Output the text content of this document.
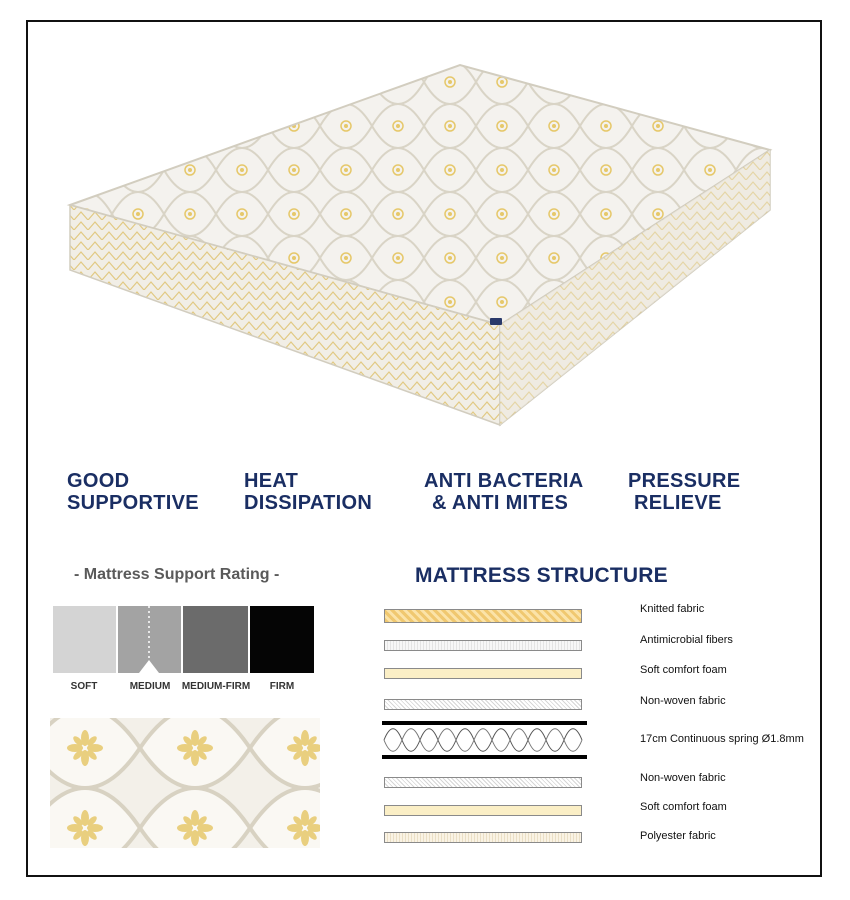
GOOD
SUPPORTIVE
HEAT
DISSIPATION
ANTI BACTERIA
& ANTI MITES
PRESSURE
RELIEVE
- Mattress Support Rating -
SOFT	MEDIUM	MEDIUM-FIRM	FIRM
MATTRESS STRUCTURE
Knitted fabric
Antimicrobial fibers
Soft comfort foam
Non-woven fabric
17cm Continuous spring Ø1.8mm
Non-woven fabric
Soft comfort foam
Polyester fabric
